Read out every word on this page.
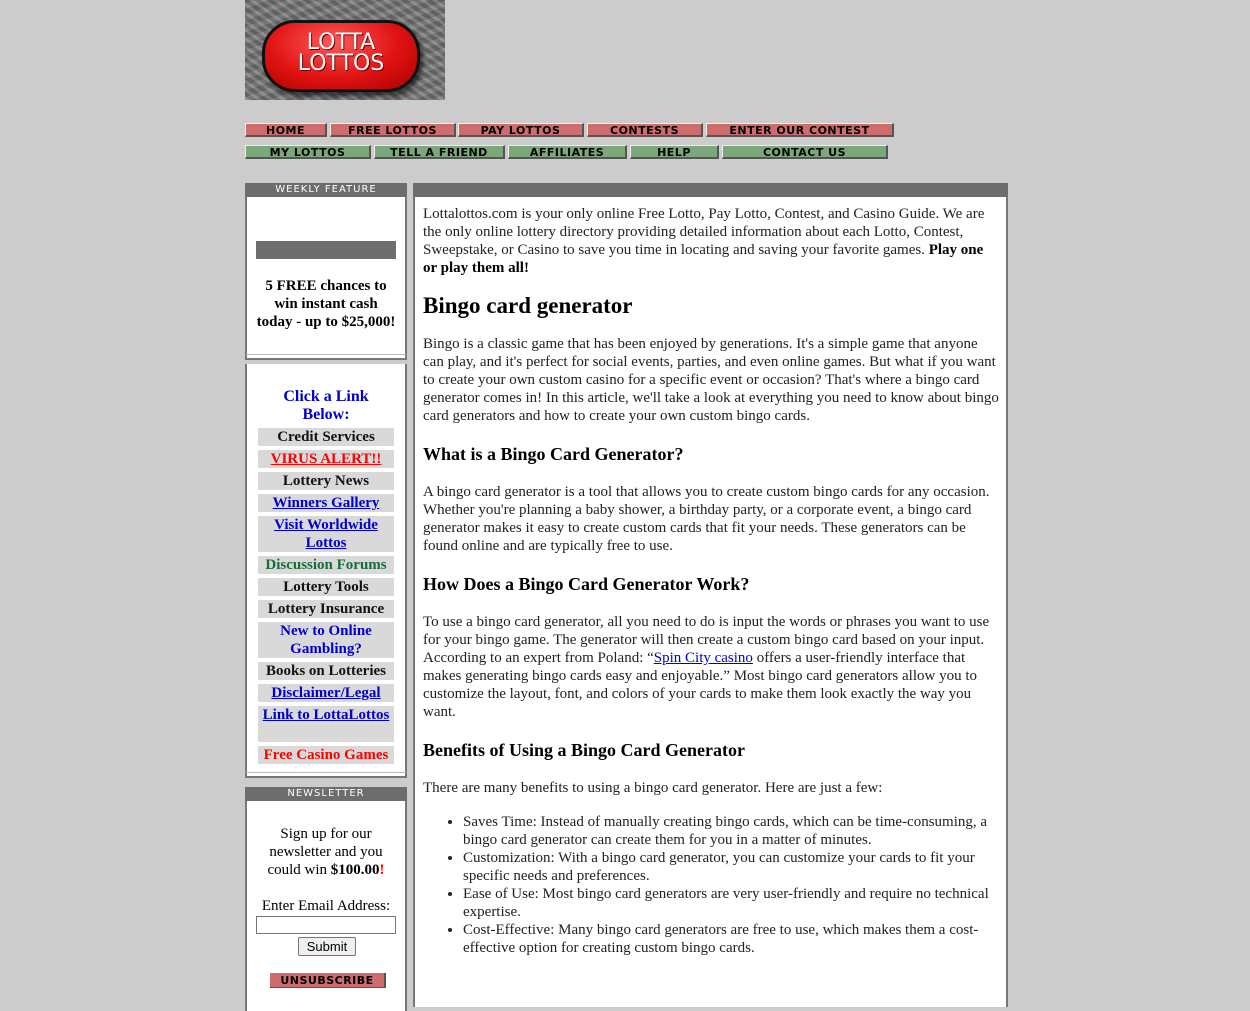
LOTTA
LOTTOS
HOME	FREE LOTTOS	PAY LOTTOS	CONTESTS	ENTER OUR CONTEST
MY LOTTOS	TELL A FRIEND	AFFILIATES	HELP	CONTACT US
WEEKLY FEATURE
5 FREE chances to win instant cash today - up to $25,000!
Click a Link Below:
Credit Services
VIRUS ALERT!!
Lottery News
Winners Gallery
Visit Worldwide Lottos
Discussion Forums
Lottery Tools
Lottery Insurance
New to Online Gambling?
Books on Lotteries
Disclaimer/Legal
Link to LottaLottos
Free Casino Games
NEWSLETTER
Sign up for our newsletter and you could win $100.00!
Enter Email Address:
Submit
UNSUBSCRIBE

Lottalottos.com is your only online Free Lotto, Pay Lotto, Contest, and Casino Guide. We are the only online lottery directory providing detailed information about each Lotto, Contest, Sweepstake, or Casino to save you time in locating and saving your favorite games. Play one or play them all!

Bingo card generator

Bingo is a classic game that has been enjoyed by generations. It's a simple game that anyone can play, and it's perfect for social events, parties, and even online games. But what if you want to create your own custom casino for a specific event or occasion? That's where a bingo card generator comes in! In this article, we'll take a look at everything you need to know about bingo card generators and how to create your own custom bingo cards.

What is a Bingo Card Generator?

A bingo card generator is a tool that allows you to create custom bingo cards for any occasion. Whether you're planning a baby shower, a birthday party, or a corporate event, a bingo card generator makes it easy to create custom cards that fit your needs. These generators can be found online and are typically free to use.

How Does a Bingo Card Generator Work?

To use a bingo card generator, all you need to do is input the words or phrases you want to use for your bingo game. The generator will then create a custom bingo card based on your input. According to an expert from Poland: “Spin City casino offers a user-friendly interface that makes generating bingo cards easy and enjoyable.” Most bingo card generators allow you to customize the layout, font, and colors of your cards to make them look exactly the way you want.

Benefits of Using a Bingo Card Generator

There are many benefits to using a bingo card generator. Here are just a few:

• Saves Time: Instead of manually creating bingo cards, which can be time-consuming, a bingo card generator can create them for you in a matter of minutes.
• Customization: With a bingo card generator, you can customize your cards to fit your specific needs and preferences.
• Ease of Use: Most bingo card generators are very user-friendly and require no technical expertise.
• Cost-Effective: Many bingo card generators are free to use, which makes them a cost-effective option for creating custom bingo cards.
